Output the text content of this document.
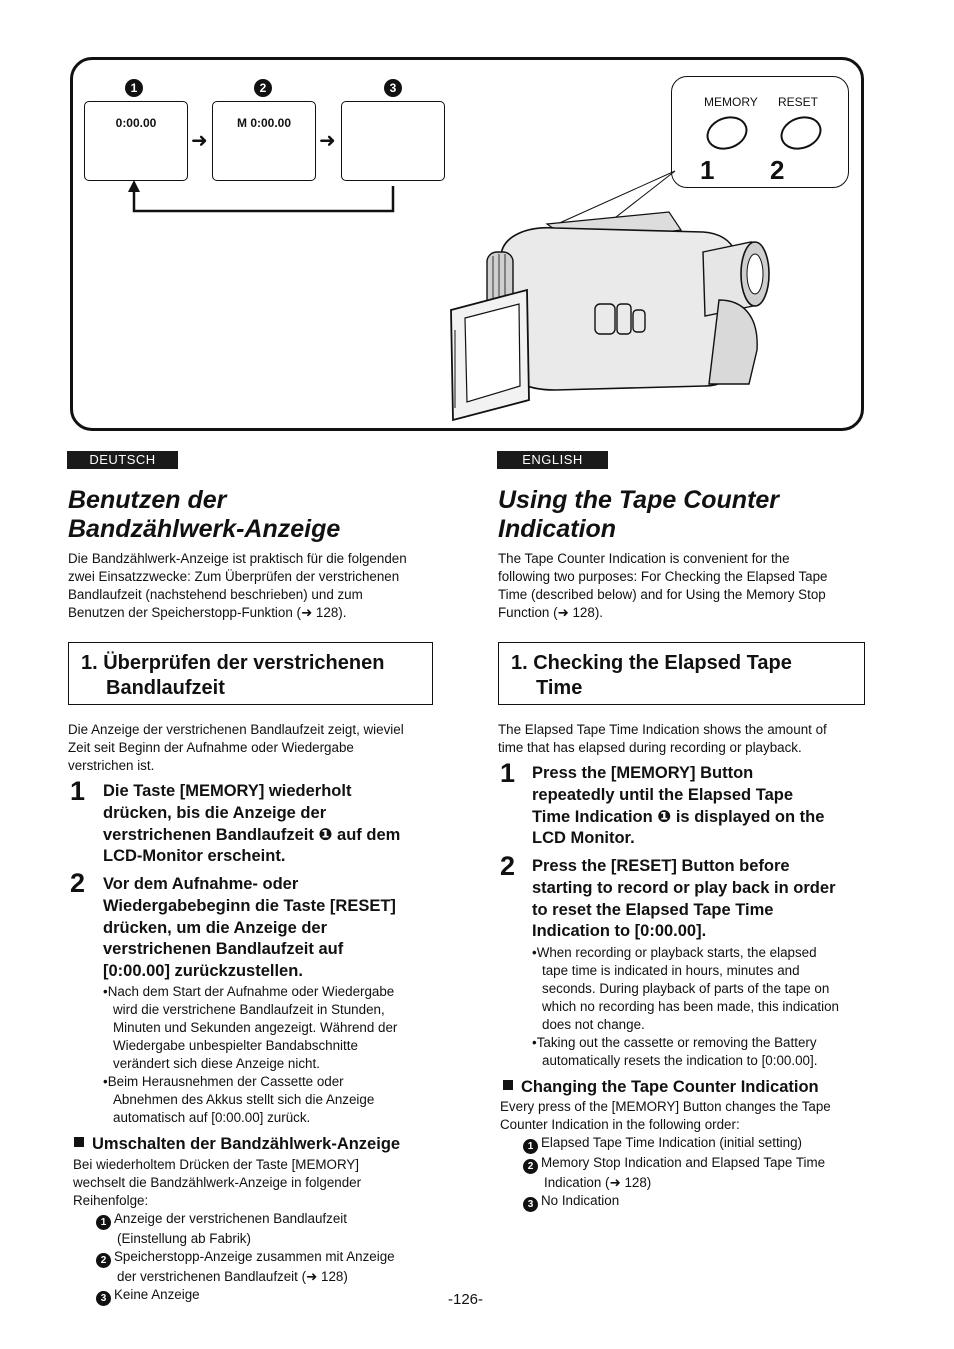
1	2	3
0:00.00
➜
M 0:00.00
➜
MEMORY RESET
1 2
DEUTSCH
Benutzen der
Bandzählwerk-Anzeige
Die Bandzählwerk-Anzeige ist praktisch für die folgenden
zwei Einsatzzwecke: Zum Überprüfen der verstrichenen
Bandlaufzeit (nachstehend beschrieben) und zum
Benutzen der Speicherstopp-Funktion (➜ 128).
1. Überprüfen der verstrichenen
Bandlaufzeit
Die Anzeige der verstrichenen Bandlaufzeit zeigt, wieviel
Zeit seit Beginn der Aufnahme oder Wiedergabe
verstrichen ist.
1 Die Taste [MEMORY] wiederholt
drücken, bis die Anzeige der
verstrichenen Bandlaufzeit ❶ auf dem
LCD-Monitor erscheint.
2 Vor dem Aufnahme- oder
Wiedergabebeginn die Taste [RESET]
drücken, um die Anzeige der
verstrichenen Bandlaufzeit auf
[0:00.00] zurückzustellen.
•Nach dem Start der Aufnahme oder Wiedergabe
wird die verstrichene Bandlaufzeit in Stunden,
Minuten und Sekunden angezeigt. Während der
Wiedergabe unbespielter Bandabschnitte
verändert sich diese Anzeige nicht.
•Beim Herausnehmen der Cassette oder
Abnehmen des Akkus stellt sich die Anzeige
automatisch auf [0:00.00] zurück.
Umschalten der Bandzählwerk-Anzeige
Bei wiederholtem Drücken der Taste [MEMORY]
wechselt die Bandzählwerk-Anzeige in folgender
Reihenfolge:
1 Anzeige der verstrichenen Bandlaufzeit
(Einstellung ab Fabrik)
2 Speicherstopp-Anzeige zusammen mit Anzeige
der verstrichenen Bandlaufzeit (➜ 128)
3 Keine Anzeige
ENGLISH
Using the Tape Counter
Indication
The Tape Counter Indication is convenient for the
following two purposes: For Checking the Elapsed Tape
Time (described below) and for Using the Memory Stop
Function (➜ 128).
1. Checking the Elapsed Tape
Time
The Elapsed Tape Time Indication shows the amount of
time that has elapsed during recording or playback.
1 Press the [MEMORY] Button
repeatedly until the Elapsed Tape
Time Indication ❶ is displayed on the
LCD Monitor.
2 Press the [RESET] Button before
starting to record or play back in order
to reset the Elapsed Tape Time
Indication to [0:00.00].
•When recording or playback starts, the elapsed
tape time is indicated in hours, minutes and
seconds. During playback of parts of the tape on
which no recording has been made, this indication
does not change.
•Taking out the cassette or removing the Battery
automatically resets the indication to [0:00.00].
Changing the Tape Counter Indication
Every press of the [MEMORY] Button changes the Tape
Counter Indication in the following order:
1 Elapsed Tape Time Indication (initial setting)
2 Memory Stop Indication and Elapsed Tape Time
Indication (➜ 128)
3 No Indication
-126-
